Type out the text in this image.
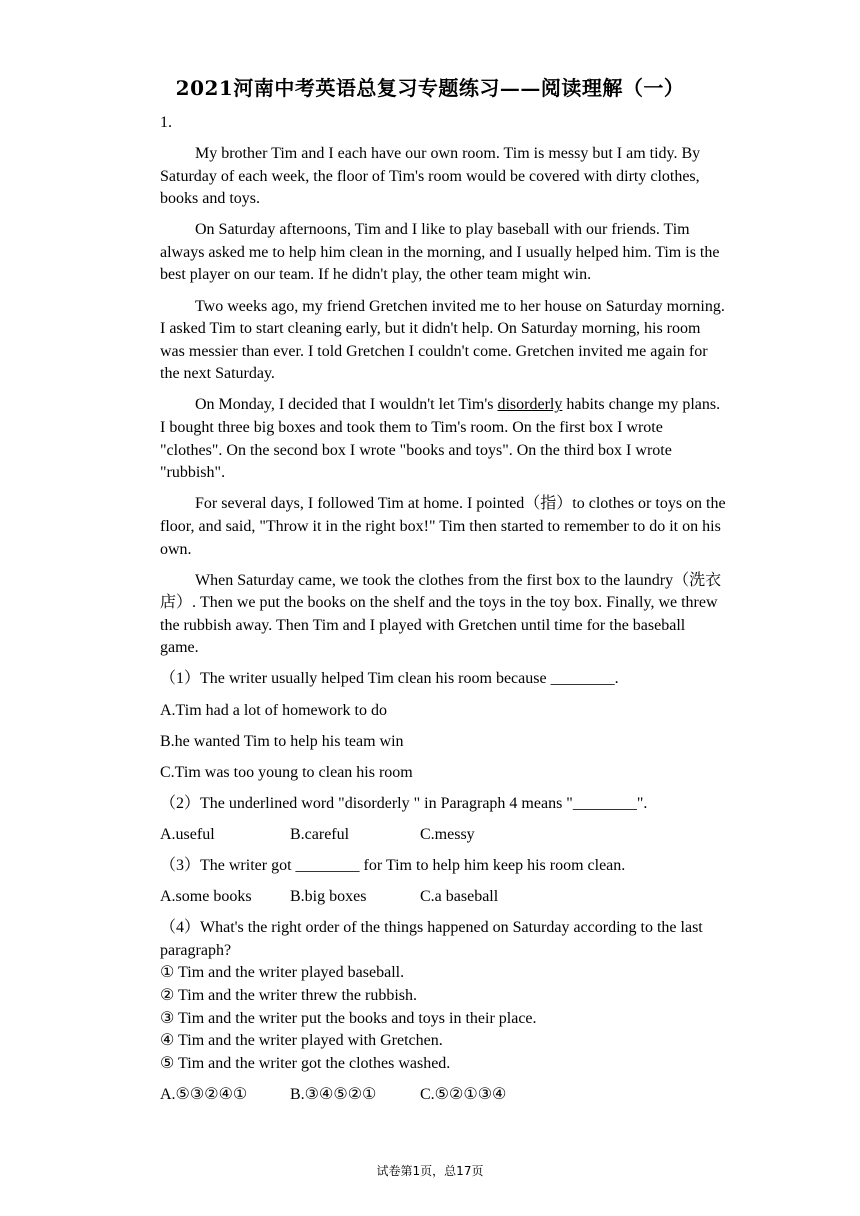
2021河南中考英语总复习专题练习——阅读理解（一）
1.

My brother Tim and I each have our own room. Tim is messy but I am tidy. By Saturday of each week, the floor of Tim's room would be covered with dirty clothes, books and toys.

On Saturday afternoons, Tim and I like to play baseball with our friends. Tim always asked me to help him clean in the morning, and I usually helped him. Tim is the best player on our team. If he didn't play, the other team might win.

Two weeks ago, my friend Gretchen invited me to her house on Saturday morning. I asked Tim to start cleaning early, but it didn't help. On Saturday morning, his room was messier than ever. I told Gretchen I couldn't come. Gretchen invited me again for the next Saturday.

On Monday, I decided that I wouldn't let Tim's disorderly habits change my plans. I bought three big boxes and took them to Tim's room. On the first box I wrote "clothes". On the second box I wrote "books and toys". On the third box I wrote "rubbish".

For several days, I followed Tim at home. I pointed（指）to clothes or toys on the floor, and said, "Throw it in the right box!" Tim then started to remember to do it on his own.

When Saturday came, we took the clothes from the first box to the laundry（洗衣店）. Then we put the books on the shelf and the toys in the toy box. Finally, we threw the rubbish away. Then Tim and I played with Gretchen until time for the baseball game.

（1）The writer usually helped Tim clean his room because ________.

A.Tim had a lot of homework to do

B.he wanted Tim to help his team win

C.Tim was too young to clean his room

（2）The underlined word "disorderly " in Paragraph 4 means "________".

A.useful	B.careful	C.messy

（3）The writer got ________ for Tim to help him keep his room clean.

A.some books	B.big boxes	C.a baseball

（4）What's the right order of the things happened on Saturday according to the last paragraph?

① Tim and the writer played baseball.

② Tim and the writer threw the rubbish.

③ Tim and the writer put the books and toys in their place.

④ Tim and the writer played with Gretchen.

⑤ Tim and the writer got the clothes washed.

A.⑤③②④①	B.③④⑤②①	C.⑤②①③④
试卷第1页，总17页
